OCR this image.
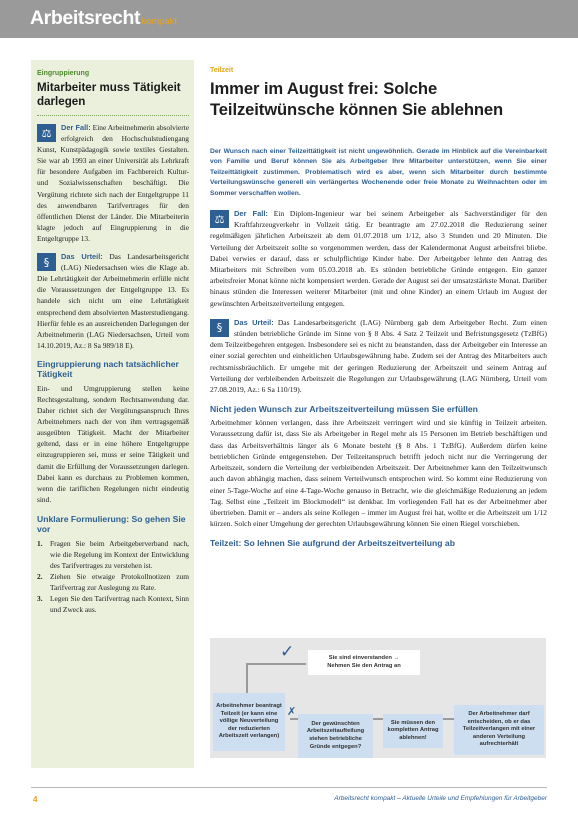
Arbeitsrechtkompakt
Eingruppierung
Mitarbeiter muss Tätigkeit darlegen
⚖	Der Fall: Eine Arbeitnehmerin absolvierte erfolgreich den Hochschulstudiengang Kunst, Kunstpädagogik sowie textiles Gestalten. Sie war ab 1993 an einer Universität als Lehrkraft für besondere Aufgaben im Fachbereich Kultur- und Sozialwissenschaften beschäftigt. Die Vergütung richtete sich nach der Entgeltgruppe 11 des anwendbaren Tarifvertrages für den öffentlichen Dienst der Länder. Die Mitarbeiterin klagte jedoch auf Eingruppierung in die Entgeltgruppe 13.
§	Das Urteil: Das Landesarbeitsgericht (LAG) Niedersachsen wies die Klage ab. Die Lehrtätigkeit der Arbeitnehmerin erfülle nicht die Voraussetzungen der Entgeltgruppe 13. Es handele sich nicht um eine Lehrtätigkeit entsprechend dem absolvierten Masterstudiengang. Hierfür fehle es an ausreichenden Darlegungen der Arbeitnehmerin (LAG Niedersachsen, Urteil vom 14.10.2019, Az.: 8 Sa 989/18 E).
Eingruppierung nach tatsächlicher Tätigkeit
Ein- und Umgruppierung stellen keine Rechtsgestaltung, sondern Rechtsanwendung dar. Daher richtet sich der Vergütungsanspruch Ihres Arbeitnehmers nach der von ihm vertragsgemäß ausgeübten Tätigkeit. Macht der Mitarbeiter geltend, dass er in eine höhere Entgeltgruppe einzugruppieren sei, muss er seine Tätigkeit und damit die Erfüllung der Voraussetzungen darlegen. Dabei kann es durchaus zu Problemen kommen, wenn die tariflichen Regelungen nicht eindeutig sind.
Unklare Formulierung: So gehen Sie vor
1. Fragen Sie beim Arbeitgeberverband nach, wie die Regelung im Kontext der Entwicklung des Tarifvertrages zu verstehen ist.
2. Ziehen Sie etwaige Protokollnotizen zum Tarifvertrag zur Auslegung zu Rate.
3. Legen Sie den Tarifvertrag nach Kontext, Sinn und Zweck aus.
Teilzeit
Immer im August frei: Solche
Teilzeitwünsche können Sie ablehnen

Der Wunsch nach einer Teilzeittätigkeit ist nicht ungewöhnlich. Gerade im Hinblick auf die Vereinbarkeit von Familie und Beruf können Sie als Arbeitgeber Ihre Mitarbeiter unterstützen, wenn Sie einer Teilzeittätigkeit zustimmen. Problematisch wird es aber, wenn sich Mitarbeiter durch bestimmte Verteilungswünsche generell ein verlängertes Wochenende oder freie Monate zu Weihnachten oder im Sommer verschaffen wollen.

⚖	Der Fall: Ein Diplom-Ingenieur war bei seinem Arbeitgeber als Sachverständiger für den Kraftfahrzeugverkehr in Vollzeit tätig. Er beantragte am 27.02.2018 die Reduzierung seiner regelmäßigen jährlichen Arbeitszeit ab dem 01.07.2018 um 1/12, also 3 Stunden und 20 Minuten. Die Verteilung der Arbeitszeit sollte so vorgenommen werden, dass der Kalendermonat August arbeitsfrei bliebe. Dabei verwies er darauf, dass er schulpflichtige Kinder habe. Der Arbeitgeber lehnte den Antrag des Mitarbeiters mit Schreiben vom 05.03.2018 ab. Es stünden betriebliche Gründe entgegen. Ein ganzer arbeitsfreier Monat könne nicht kompensiert werden. Gerade der August sei der umsatzstärkste Monat. Darüber hinaus stünden die Interessen weiterer Mitarbeiter (mit und ohne Kinder) an einem Urlaub im August der gewünschten Arbeitszeitverteilung entgegen.
§	Das Urteil: Das Landesarbeitsgericht (LAG) Nürnberg gab dem Arbeitgeber Recht. Zum einen stünden betriebliche Gründe im Sinne von § 8 Abs. 4 Satz 2 Teilzeit und Befristungsgesetz (TzBfG) dem Teilzeitbegehren entgegen. Insbesondere sei es nicht zu beanstanden, dass der Arbeitgeber ein Interesse an einer sozial gerechten und einheitlichen Urlaubsgewährung habe. Zudem sei der Antrag des Mitarbeiters auch rechtsmissbräuchlich. Er umgehe mit der geringen Reduzierung der Arbeitszeit und seinem Antrag auf Verteilung der verbleibenden Arbeitszeit die Regelungen zur Urlaubsgewährung (LAG Nürnberg, Urteil vom 27.08.2019, Az.: 6 Sa 110/19).
Nicht jeden Wunsch zur Arbeitszeitverteilung müssen Sie erfüllen

Arbeitnehmer können verlangen, dass ihre Arbeitszeit verringert wird und sie künftig in Teilzeit arbeiten. Voraussetzung dafür ist, dass Sie als Arbeitgeber in Regel mehr als 15 Personen im Betrieb beschäftigen und dass das Arbeitsverhältnis länger als 6 Monate besteht (§ 8 Abs. 1 TzBfG). Außerdem dürfen keine betrieblichen Gründe entgegenstehen. Der Teilzeitanspruch betrifft jedoch nicht nur die Verringerung der Arbeitszeit, sondern die Verteilung der verbleibenden Arbeitszeit. Der Arbeitnehmer kann den Teilzeitwunsch auch davon abhängig machen, dass seinem Verteilwunsch entsprochen wird. So kommt eine Reduzierung von einer 5-Tage-Woche auf eine 4-Tage-Woche genauso in Betracht, wie die gleichmäßige Reduzierung an jedem Tag. Selbst eine „Teilzeit im Blockmodell“ ist denkbar. Im vorliegenden Fall hat es der Arbeitnehmer aber übertrieben. Damit er – anders als seine Kollegen – immer im August frei hat, wollte er die Arbeitszeit um 1/12 kürzen. Solch einer Umgehung der gerechten Urlaubsgewährung können Sie einen Riegel vorschieben.

Teilzeit: So lehnen Sie aufgrund der Arbeitszeitverteilung ab
✓
✗
Sie sind einverstanden →
Nehmen Sie den Antrag an
Arbeitnehmer beantragt Teilzeit (er kann eine völlige Neuverteilung der reduzierten Arbeitszeit verlangen)
Der gewünschten Arbeitszeitaufteilung stehen betriebliche Gründe entgegen?
Sie müssen den kompletten Antrag ablehnen!
Der Arbeitnehmer darf entscheiden, ob er das Teilzeitverlangen mit einer anderen Verteilung aufrechterhält
4	Arbeitsrecht kompakt – Aktuelle Urteile und Empfehlungen für Arbeitgeber
